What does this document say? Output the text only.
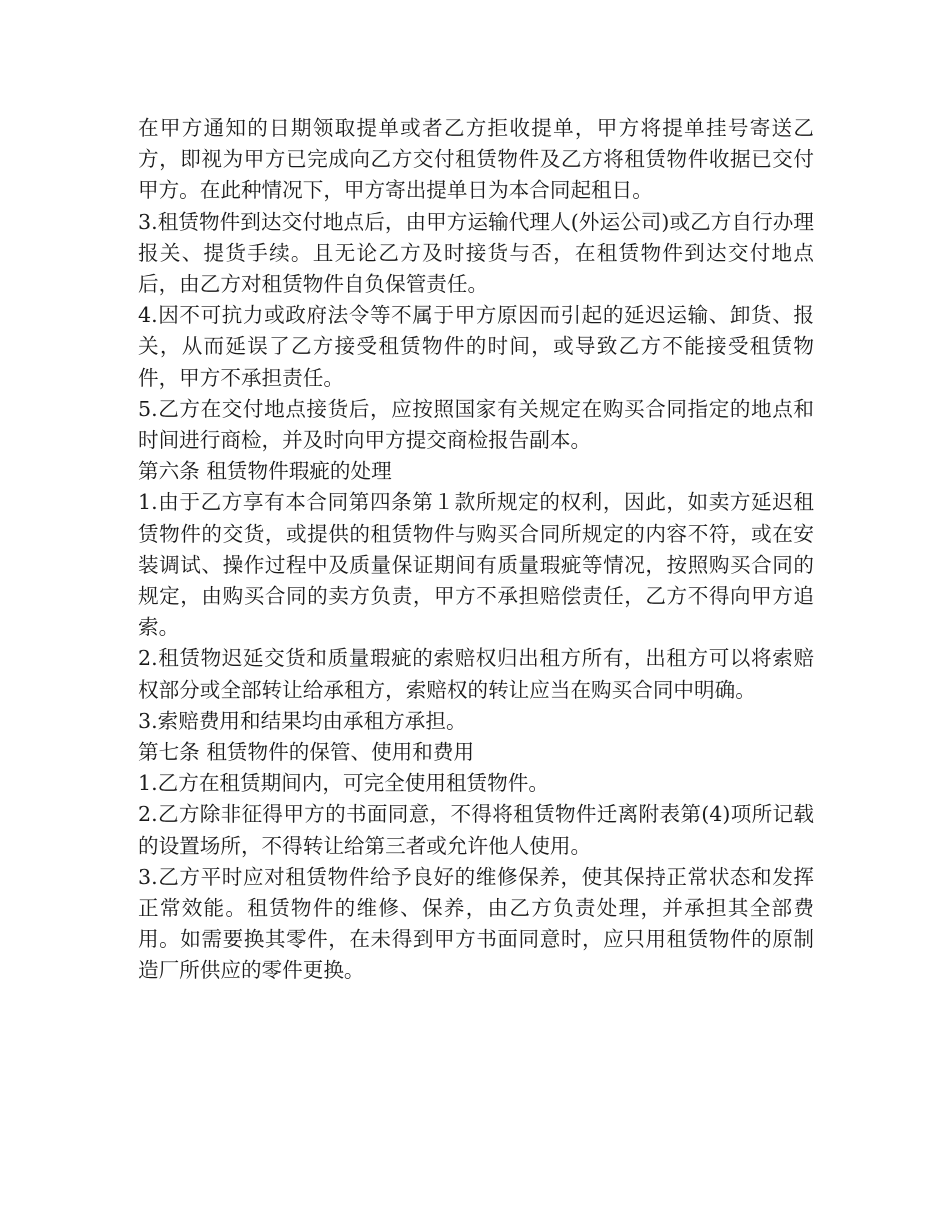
在甲方通知的日期领取提单或者乙方拒收提单，甲方将提单挂号寄送乙方，即视为甲方已完成向乙方交付租赁物件及乙方将租赁物件收据已交付甲方。在此种情况下，甲方寄出提单日为本合同起租日。

3.租赁物件到达交付地点后，由甲方运输代理人(外运公司)或乙方自行办理报关、提货手续。且无论乙方及时接货与否，在租赁物件到达交付地点后，由乙方对租赁物件自负保管责任。

4.因不可抗力或政府法令等不属于甲方原因而引起的延迟运输、卸货、报关，从而延误了乙方接受租赁物件的时间，或导致乙方不能接受租赁物件，甲方不承担责任。

5.乙方在交付地点接货后，应按照国家有关规定在购买合同指定的地点和时间进行商检，并及时向甲方提交商检报告副本。

第六条 租赁物件瑕疵的处理

1.由于乙方享有本合同第四条第１款所规定的权利，因此，如卖方延迟租赁物件的交货，或提供的租赁物件与购买合同所规定的内容不符，或在安装调试、操作过程中及质量保证期间有质量瑕疵等情况，按照购买合同的规定，由购买合同的卖方负责，甲方不承担赔偿责任，乙方不得向甲方追索。

2.租赁物迟延交货和质量瑕疵的索赔权归出租方所有，出租方可以将索赔权部分或全部转让给承租方，索赔权的转让应当在购买合同中明确。

3.索赔费用和结果均由承租方承担。

第七条 租赁物件的保管、使用和费用

1.乙方在租赁期间内，可完全使用租赁物件。

2.乙方除非征得甲方的书面同意，不得将租赁物件迁离附表第(4)项所记载的设置场所，不得转让给第三者或允许他人使用。

3.乙方平时应对租赁物件给予良好的维修保养，使其保持正常状态和发挥正常效能。租赁物件的维修、保养，由乙方负责处理，并承担其全部费用。如需要换其零件，在未得到甲方书面同意时，应只用租赁物件的原制造厂所供应的零件更换。
